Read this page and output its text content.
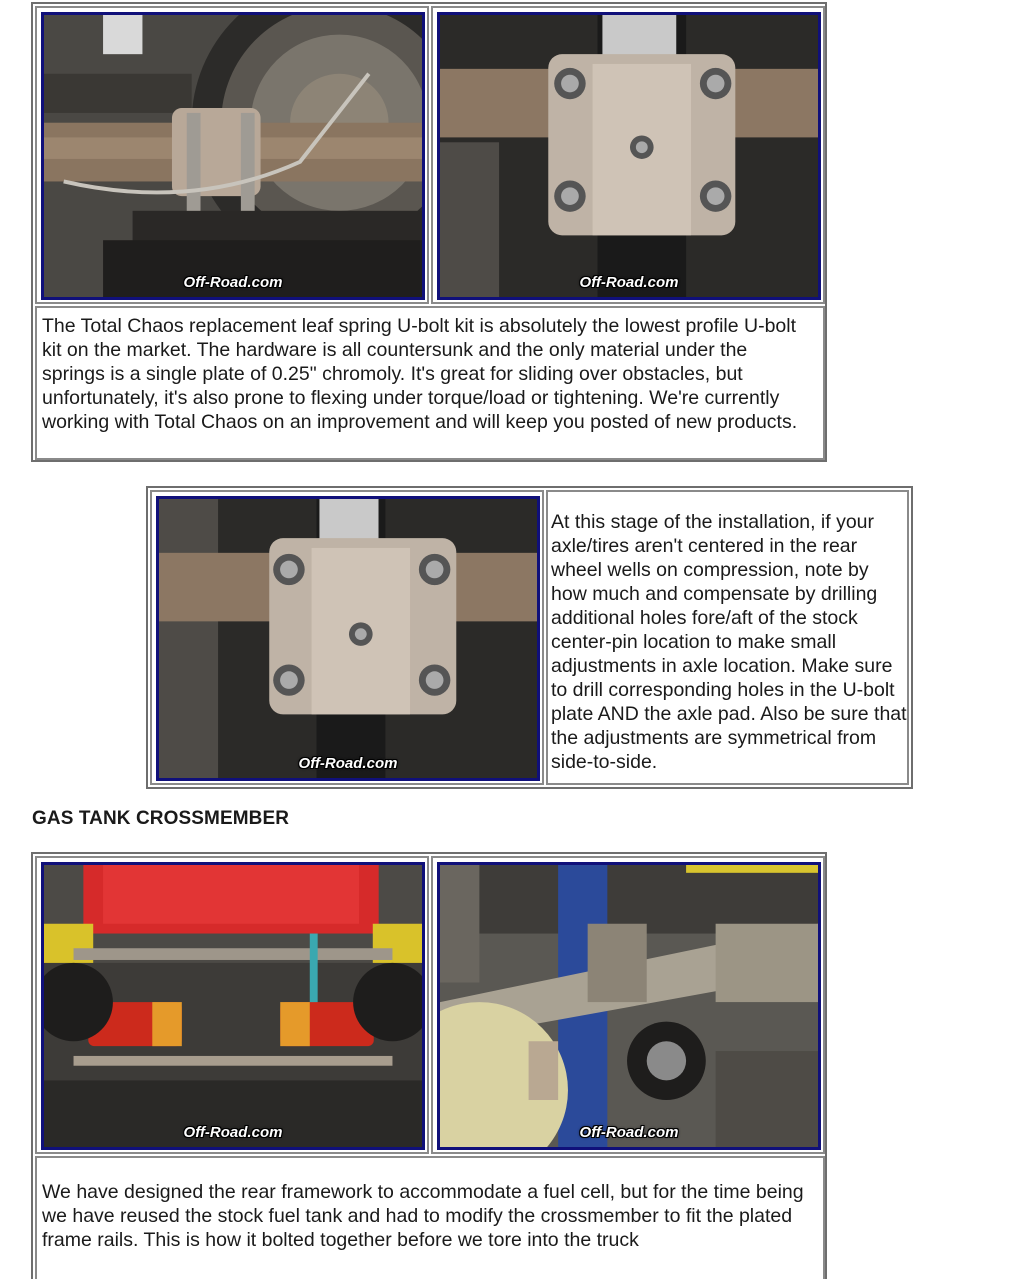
Off-Road.com	Off-Road.com
The Total Chaos replacement leaf spring U-bolt kit is absolutely the lowest profile U-bolt kit on the market. The hardware is all countersunk and the only material under the springs is a single plate of 0.25" chromoly. It's great for sliding over obstacles, but unfortunately, it's also prone to flexing under torque/load or tightening. We're currently working with Total Chaos on an improvement and will keep you posted of new products.
Off-Road.com
At this stage of the installation, if your axle/tires aren't centered in the rear wheel wells on compression, note by how much and compensate by drilling additional holes fore/aft of the stock center-pin location to make small adjustments in axle location. Make sure to drill corresponding holes in the U-bolt plate AND the axle pad. Also be sure that the adjustments are symmetrical from side-to-side.
GAS TANK CROSSMEMBER
Off-Road.com	Off-Road.com
We have designed the rear framework to accommodate a fuel cell, but for the time being we have reused the stock fuel tank and had to modify the crossmember to fit the plated frame rails. This is how it bolted together before we tore into the truck
